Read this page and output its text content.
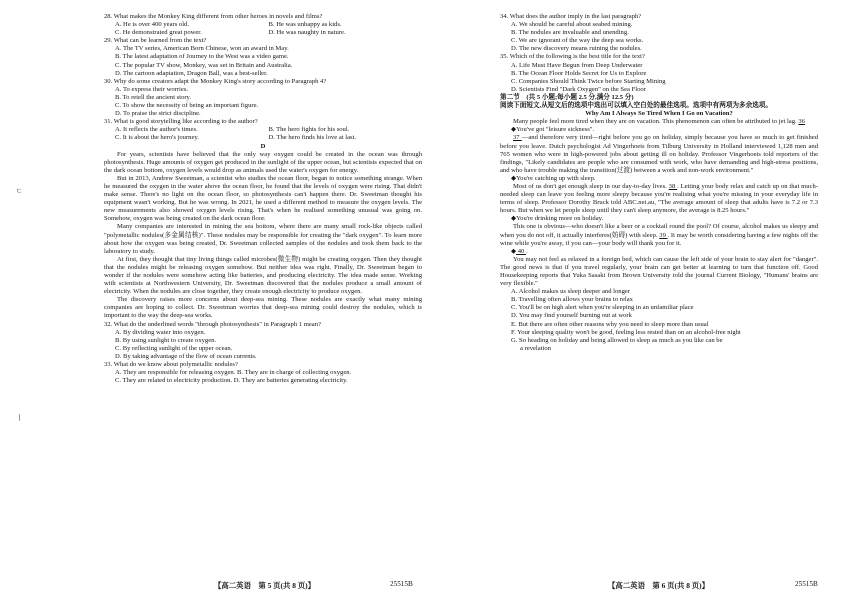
ㄷ
ㅣ
28. What makes the Monkey King different from other heroes in novels and films?
A. He is over 400 years old.	B. He was unhappy as kids.
C. He demonstrated great power.	D. He was naughty in nature.
29. What can be learned from the text?
A. The TV series, American Born Chinese, won an award in May.
B. The latest adaptation of Journey to the West was a video game.
C. The popular TV show, Monkey, was set in Britain and Australia.
D. The cartoon adaptation, Dragon Ball, was a best-seller.
30. Why do some creators adapt the Monkey King's story according to Paragraph 4?
A. To express their worries.
B. To retell the ancient story.
C. To show the necessity of being an important figure.
D. To praise the strict discipline.
31. What is good storytelling like according to the author?
A. It reflects the author's times.	B. The hero fights for his soul.
C. It is about the hero's journey.	D. The hero finds his love at last.
D
For years, scientists have believed that the only way oxygen could be created in the ocean was through photosynthesis. Huge amounts of oxygen get produced in the sunlight of the upper ocean, but scientists expected that on the dark ocean bottom, oxygen levels would drop as animals used the water's oxygen for energy.
But in 2013, Andrew Sweetman, a scientist who studies the ocean floor, began to notice something strange. When he measured the oxygen in the water above the ocean floor, he found that the levels of oxygen were rising. That didn't make sense. There's no light on the ocean floor, so photosynthesis can't happen there. Dr. Sweetman thought his equipment wasn't working. But he was wrong. In 2021, he used a different method to measure the oxygen levels. The new measurements also showed oxygen levels rising. That's when he realised something unusual was going on. Somehow, oxygen was being created on the dark ocean floor.
Many companies are interested in mining the sea bottom, where there are many small rock-like objects called "polymetallic nodules(多金属结核)". These nodules may be responsible for creating the "dark oxygen". To learn more about how the oxygen was being created, Dr. Sweetman collected samples of the nodules and took them back to the laboratory to study.
At first, they thought that tiny living things called microbes(微生物) might be creating oxygen. Then they thought that the nodules might be releasing oxygen somehow. But neither idea was right. Finally, Dr. Sweetman began to wonder if the nodules were somehow acting like batteries, and producing electricity. The idea made sense. Working with scientists at Northwestern University, Dr. Sweetman discovered that the nodules produce a small amount of electricity. When the nodules are close together, they create enough electricity to produce oxygen.
The discovery raises more concerns about deep-sea mining. These nodules are exactly what many mining companies are hoping to collect. Dr. Sweetman worries that deep-sea mining could destroy the nodules, which is important to the way the deep-sea works.
32. What do the underlined words "through photosynthesis" in Paragraph 1 mean?
A. By dividing water into oxygen.
B. By using sunlight to create oxygen.
C. By reflecting sunlight of the upper ocean.
D. By taking advantage of the flow of ocean currents.
33. What do we know about polymetallic nodules?
A. They are responsible for releasing oxygen. B. They are in charge of collecting oxygen.
C. They are related to electricity production. D. They are batteries generating electricity.
34. What does the author imply in the last paragraph?
A. We should be careful about seabed mining.
B. The nodules are invaluable and unending.
C. We are ignorant of the way the deep sea works.
D. The new discovery means ruining the nodules.
35. Which of the following is the best title for the text?
A. Life Must Have Begun from Deep Underwater
B. The Ocean Floor Holds Secret for Us to Explore
C. Companies Should Think Twice before Starting Mining
D. Scientists Find "Dark Oxygen" on the Sea Floor
第二节　(共 5 小题;每小题 2.5 分,满分 12.5 分)
阅读下面短文,从短文后的选项中选出可以填入空白处的最佳选项。选项中有两项为多余选项。
Why Am I Always So Tired When I Go on Vacation?
Many people feel more tired when they are on vacation. This phenomenon can often be attributed to jet lag. 36
◆You've got "leisure sickness".
37 —and therefore very tired—right before you go on holiday, simply because you have so much to get finished before you leave. Dutch psychologist Ad Vingerhoets from Tilburg University in Holland interviewed 1,128 men and 765 women who were in high-powered jobs about getting ill on holiday. Professor Vingerhoets told reporters of the findings, "Likely candidates are people who are consumed with work, who have demanding and high-stress positions, and who have trouble making the transition(过渡) between a work and non-work environment."
◆You're catching up with sleep.
Most of us don't get enough sleep in our day-to-day lives. 38 . Letting your body relax and catch up on that much-needed sleep can leave you feeling more sleepy because you're realising what you're missing in your everyday life in terms of sleep. Professor Dorothy Bruck told ABC.net.au, "The average amount of sleep that adults have is 7.2 or 7.3 hours. But when we let people sleep until they can't sleep anymore, the average is 8.25 hours."
◆You're drinking more on holiday.
This one is obvious—who doesn't like a beer or a cocktail round the pool? Of course, alcohol makes us sleepy and when you do not off, it actually interferes(妨碍) with sleep. 39 . It may be worth considering having a few nights off the wine while you're away, if you can—your body will thank you for it.
◆ 40 .
You may not feel as relaxed in a foreign bed, which can cause the left side of your brain to stay alert for "danger". The good news is that if you travel regularly, your brain can get better at learning to turn that function off. Good Housekeeping reports that Yuka Sasaki from Brown University told the journal Current Biology, "Humans' brains are very flexible."
A. Alcohol makes us sleep deeper and longer
B. Travelling often allows your brains to relax
C. You'll be on high alert when you're sleeping in an unfamiliar place
D. You may find yourself burning out at work
E. But there are often other reasons why you need to sleep more than usual
F. Your sleeping quality won't be good, feeling less rested than on an alcohol-free night
G. So heading on holiday and being allowed to sleep as much as you like can be
a revelation
【高二英语　第 5 页(共 8 页)】	25515B	【高二英语　第 6 页(共 8 页)】	25515B
